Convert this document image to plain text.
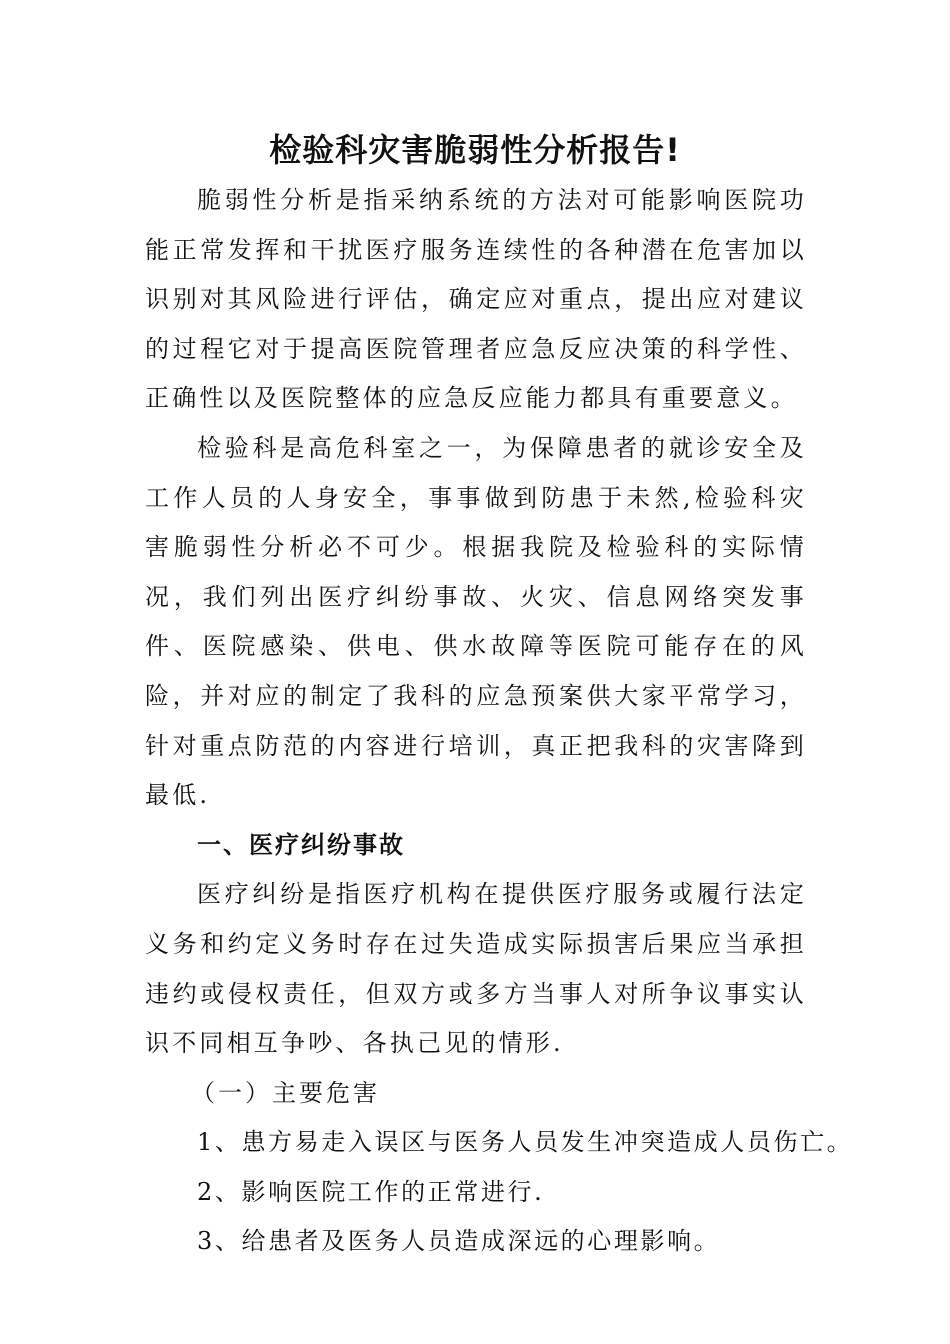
检验科灾害脆弱性分析报告!

脆弱性分析是指采纳系统的方法对可能影响医院功能正常发挥和干扰医疗服务连续性的各种潜在危害加以识别对其风险进行评估，确定应对重点，提出应对建议的过程它对于提高医院管理者应急反应决策的科学性、正确性以及医院整体的应急反应能力都具有重要意义。

检验科是高危科室之一，为保障患者的就诊安全及工作人员的人身安全，事事做到防患于未然,检验科灾害脆弱性分析必不可少。根据我院及检验科的实际情况，我们列出医疗纠纷事故、火灾、信息网络突发事件、医院感染、供电、供水故障等医院可能存在的风险，并对应的制定了我科的应急预案供大家平常学习，针对重点防范的内容进行培训，真正把我科的灾害降到最低.

一、医疗纠纷事故

医疗纠纷是指医疗机构在提供医疗服务或履行法定义务和约定义务时存在过失造成实际损害后果应当承担违约或侵权责任，但双方或多方当事人对所争议事实认识不同相互争吵、各执己见的情形.

（一）主要危害

1、患方易走入误区与医务人员发生冲突造成人员伤亡。

2、影响医院工作的正常进行.

3、给患者及医务人员造成深远的心理影响。
